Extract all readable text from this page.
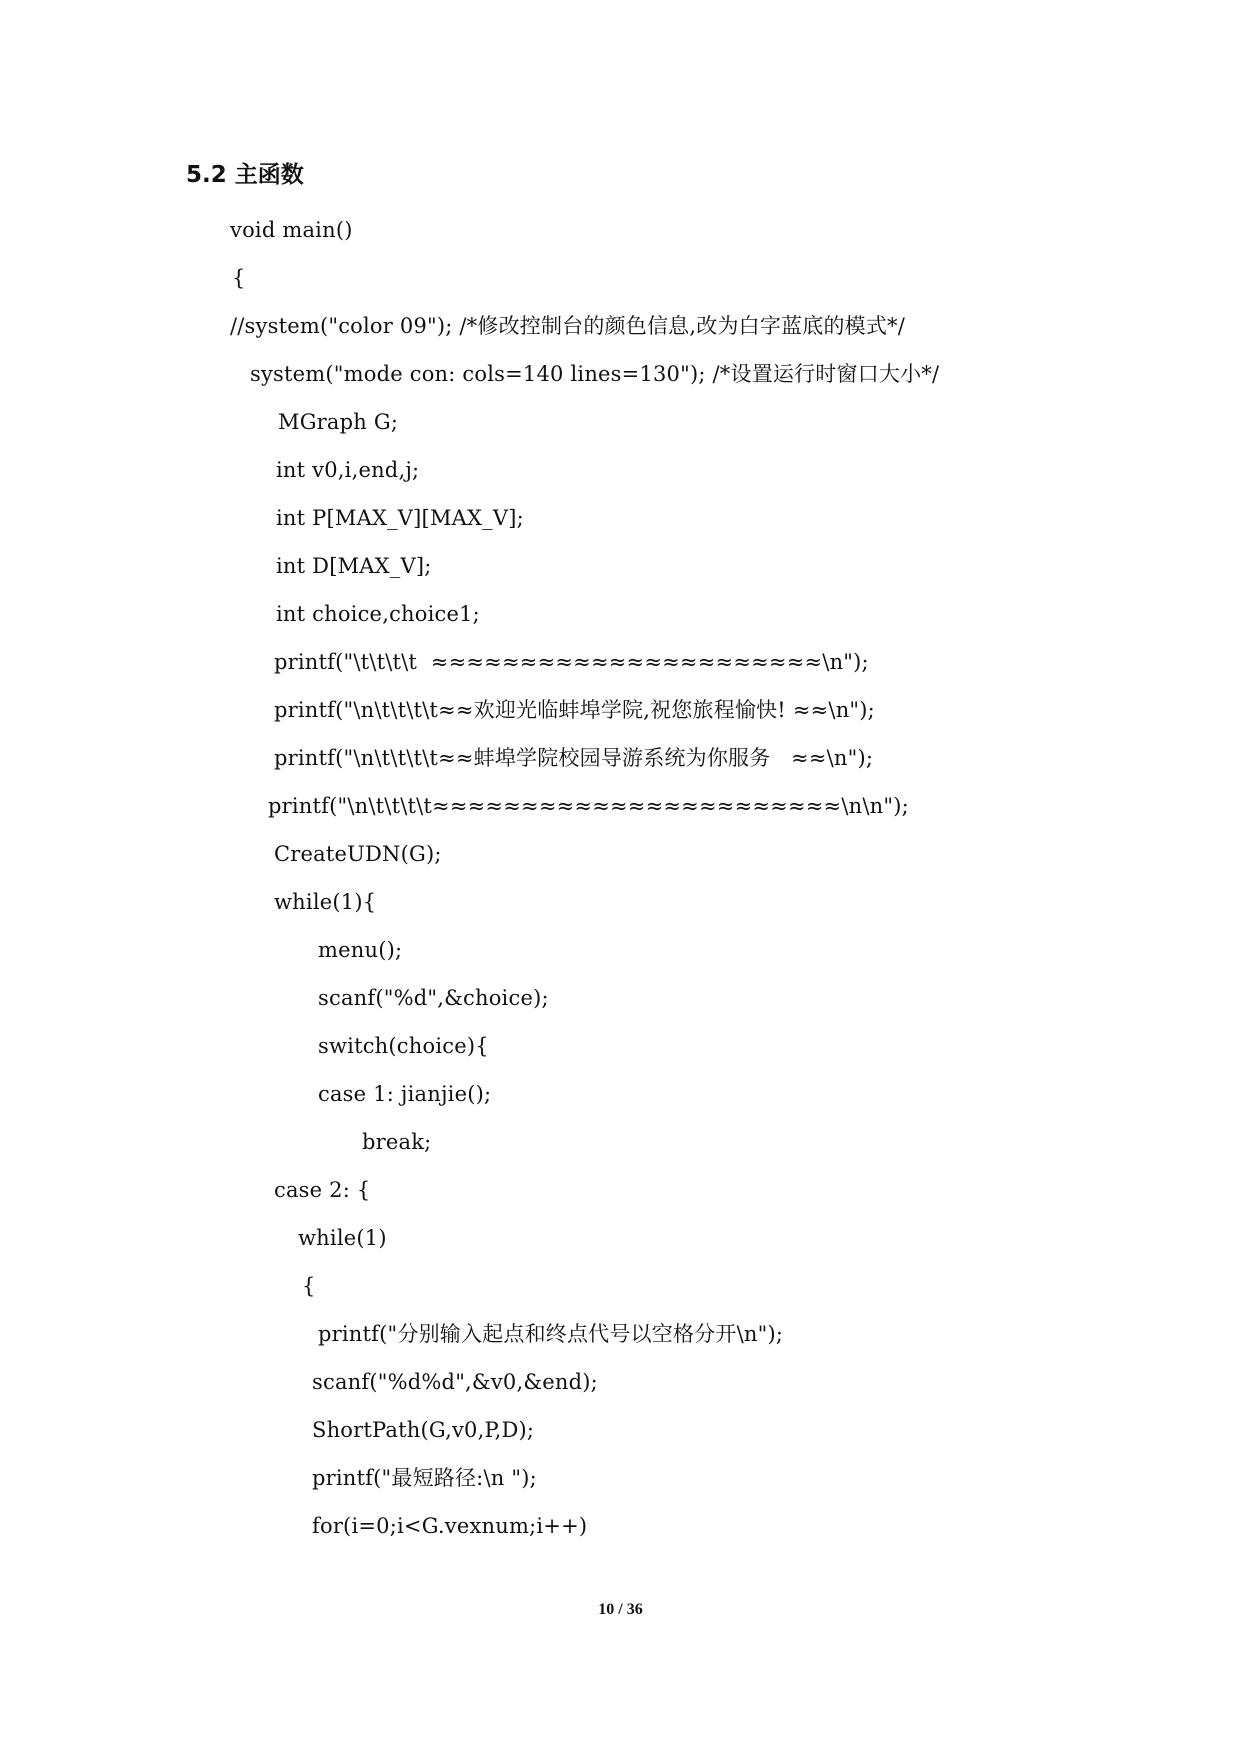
5.2 主函数
void main()
{
//system("color 09"); /*修改控制台的颜色信息,改为白字蓝底的模式*/
system("mode con: cols=140 lines=130"); /*设置运行时窗口大小*/
MGraph G;
int v0,i,end,j;
int P[MAX_V][MAX_V];
int D[MAX_V];
int choice,choice1;
printf("\t\t\t\t  ≈≈≈≈≈≈≈≈≈≈≈≈≈≈≈≈≈≈≈≈≈≈\n");
printf("\n\t\t\t\t≈≈欢迎光临蚌埠学院,祝您旅程愉快! ≈≈\n");
printf("\n\t\t\t\t≈≈蚌埠学院校园导游系统为你服务   ≈≈\n");
printf("\n\t\t\t\t≈≈≈≈≈≈≈≈≈≈≈≈≈≈≈≈≈≈≈≈≈≈≈\n\n");
CreateUDN(G);
while(1){
menu();
scanf("%d",&choice);
switch(choice){
case 1: jianjie();
break;
case 2: {
while(1)
{
printf("分别输入起点和终点代号以空格分开\n");
scanf("%d%d",&v0,&end);
ShortPath(G,v0,P,D);
printf("最短路径:\n ");
for(i=0;i<G.vexnum;i++)
10 / 36
